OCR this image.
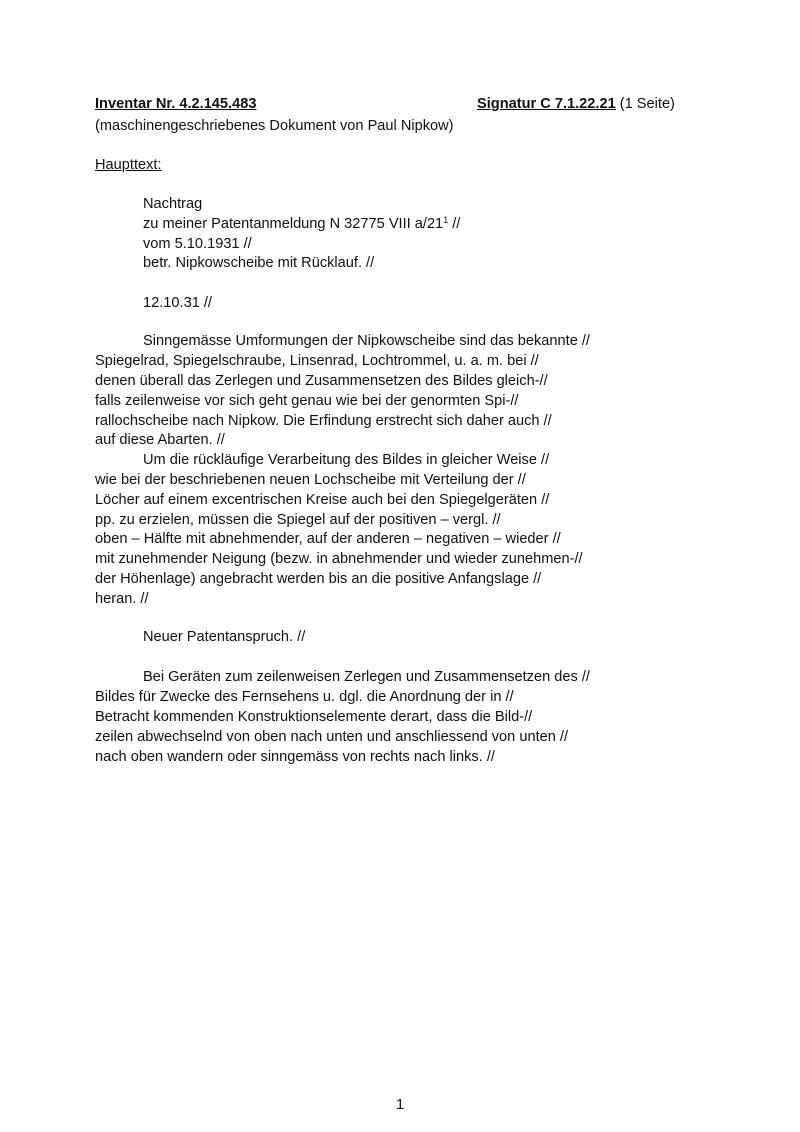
Inventar Nr. 4.2.145.483	Signatur C 7.1.22.21 (1 Seite)
(maschinengeschriebenes Dokument von Paul Nipkow)
Haupttext:
Nachtrag
zu meiner Patentanmeldung N 32775 VIII $a/21^1$ //
vom 5.10.1931 //
betr. Nipkowscheibe mit Rücklauf. //
12.10.31 //
Sinngemässe Umformungen der Nipkowscheibe sind das bekannte //
Spiegelrad, Spiegelschraube, Linsenrad, Lochtrommel, u. a. m. bei //
denen überall das Zerlegen und Zusammensetzen des Bildes gleich-//
falls zeilenweise vor sich geht genau wie bei der genormten Spi-//
rallochscheibe nach Nipkow. Die Erfindung erstrecht sich daher auch //
auf diese Abarten. //
Um die rückläufige Verarbeitung des Bildes in gleicher Weise //
wie bei der beschriebenen neuen Lochscheibe mit Verteilung der //
Löcher auf einem excentrischen Kreise auch bei den Spiegelgeräten //
pp. zu erzielen, müssen die Spiegel auf der positiven – vergl. //
oben – Hälfte mit abnehmender, auf der anderen – negativen – wieder //
mit zunehmender Neigung (bezw. in abnehmender und wieder zunehmen-//
der Höhenlage) angebracht werden bis an die positive Anfangslage //
heran. //
Neuer Patentanspruch. //
Bei Geräten zum zeilenweisen Zerlegen und Zusammensetzen des //
Bildes für Zwecke des Fernsehens u. dgl. die Anordnung der in //
Betracht kommenden Konstruktionselemente derart, dass die Bild-//
zeilen abwechselnd von oben nach unten und anschliessend von unten //
nach oben wandern oder sinngemäss von rechts nach links. //
1
